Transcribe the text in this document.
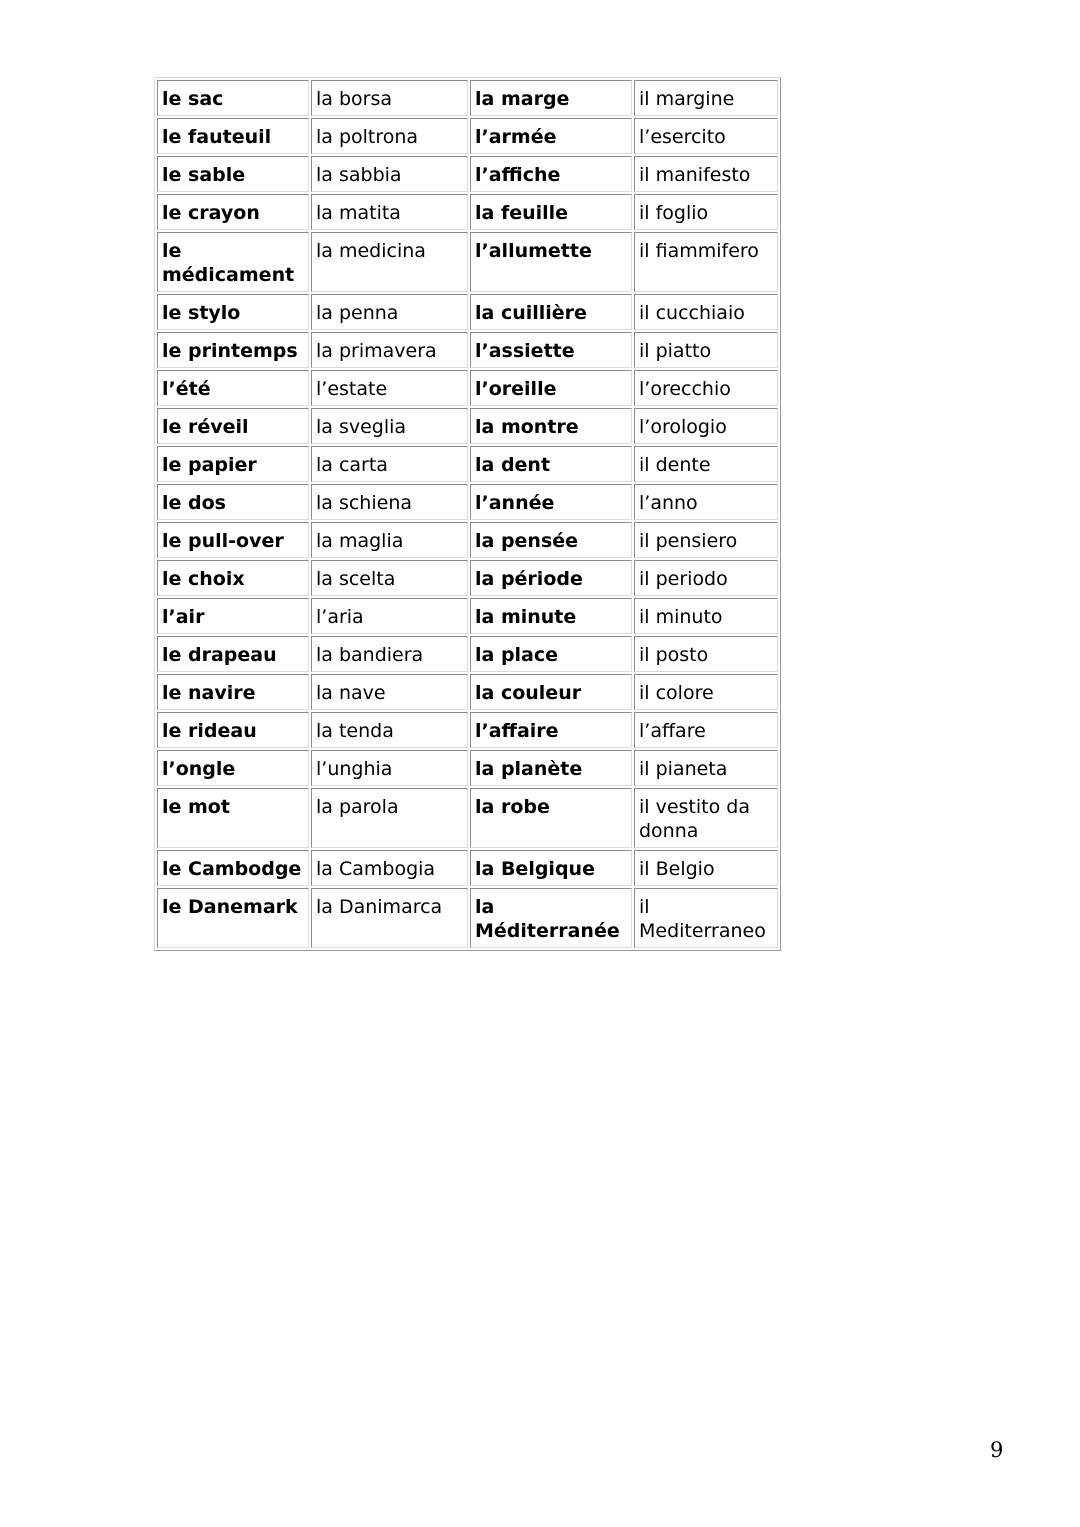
le sac	la borsa	la marge	il margine
le fauteuil	la poltrona	l’armée	l’esercito
le sable	la sabbia	l’affiche	il manifesto
le crayon	la matita	la feuille	il foglio
le médicament	la medicina	l’allumette	il fiammifero
le stylo	la penna	la cuillière	il cucchiaio
le printemps	la primavera	l’assiette	il piatto
l’été	l’estate	l’oreille	l’orecchio
le réveil	la sveglia	la montre	l’orologio
le papier	la carta	la dent	il dente
le dos	la schiena	l’année	l’anno
le pull-over	la maglia	la pensée	il pensiero
le choix	la scelta	la période	il periodo
l’air	l’aria	la minute	il minuto
le drapeau	la bandiera	la place	il posto
le navire	la nave	la couleur	il colore
le rideau	la tenda	l’affaire	l’affare
l’ongle	l’unghia	la planète	il pianeta
le mot	la parola	la robe	il vestito da donna
le Cambodge	la Cambogia	la Belgique	il Belgio
le Danemark	la Danimarca	la Méditerranée	il Mediterraneo
9
